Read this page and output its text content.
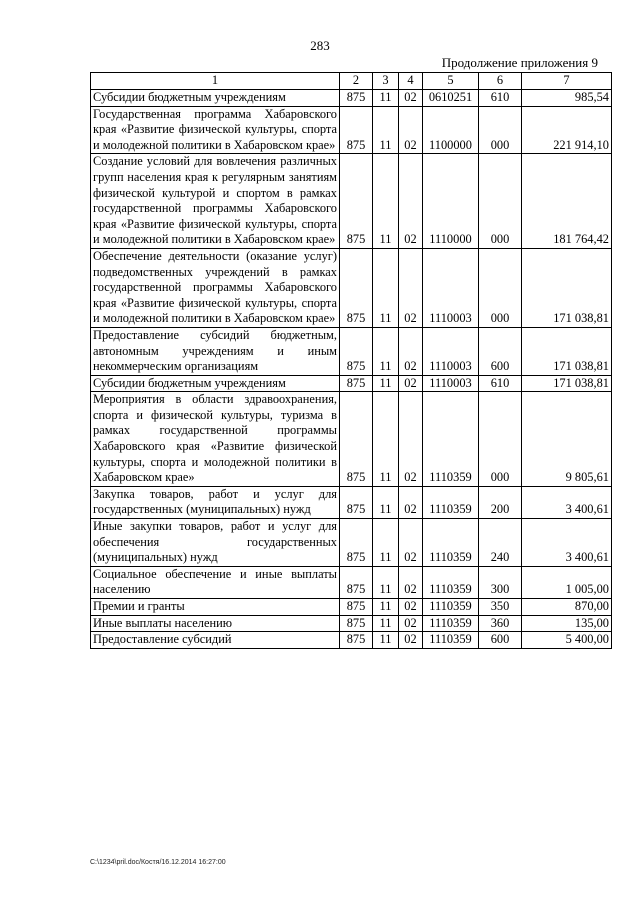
283
Продолжение приложения 9
1	2	3	4	5	6	7
Субсидии бюджетным учреждениям	875	11	02	0610251	610	985,54
Государственная программа Хабаровского края «Развитие физической культуры, спорта и молодежной политики в Хабаровском крае»	875	11	02	1100000	000	221 914,10
Создание условий для вовлечения различных групп населения края к регулярным занятиям физической культурой и спортом в рамках государственной программы Хабаровского края «Развитие физической культуры, спорта и молодежной политики в Хабаровском крае»	875	11	02	1110000	000	181 764,42
Обеспечение деятельности (оказание услуг) подведомственных учреждений в рамках государственной программы Хабаровского края «Развитие физической культуры, спорта и молодежной политики в Хабаровском крае»	875	11	02	1110003	000	171 038,81
Предоставление субсидий бюджетным, автономным учреждениям и иным некоммерческим организациям	875	11	02	1110003	600	171 038,81
Субсидии бюджетным учреждениям	875	11	02	1110003	610	171 038,81
Мероприятия в области здравоохранения, спорта и физической культуры, туризма в рамках государственной программы Хабаровского края «Развитие физической культуры, спорта и молодежной политики в Хабаровском крае»	875	11	02	1110359	000	9 805,61
Закупка товаров, работ и услуг для государственных (муниципальных) нужд	875	11	02	1110359	200	3 400,61
Иные закупки товаров, работ и услуг для обеспечения государственных (муниципальных) нужд	875	11	02	1110359	240	3 400,61
Социальное обеспечение и иные выплаты населению	875	11	02	1110359	300	1 005,00
Премии и гранты	875	11	02	1110359	350	870,00
Иные выплаты населению	875	11	02	1110359	360	135,00
Предоставление субсидий	875	11	02	1110359	600	5 400,00
C:\1234\pril.doc/Костя/16.12.2014 16:27:00
